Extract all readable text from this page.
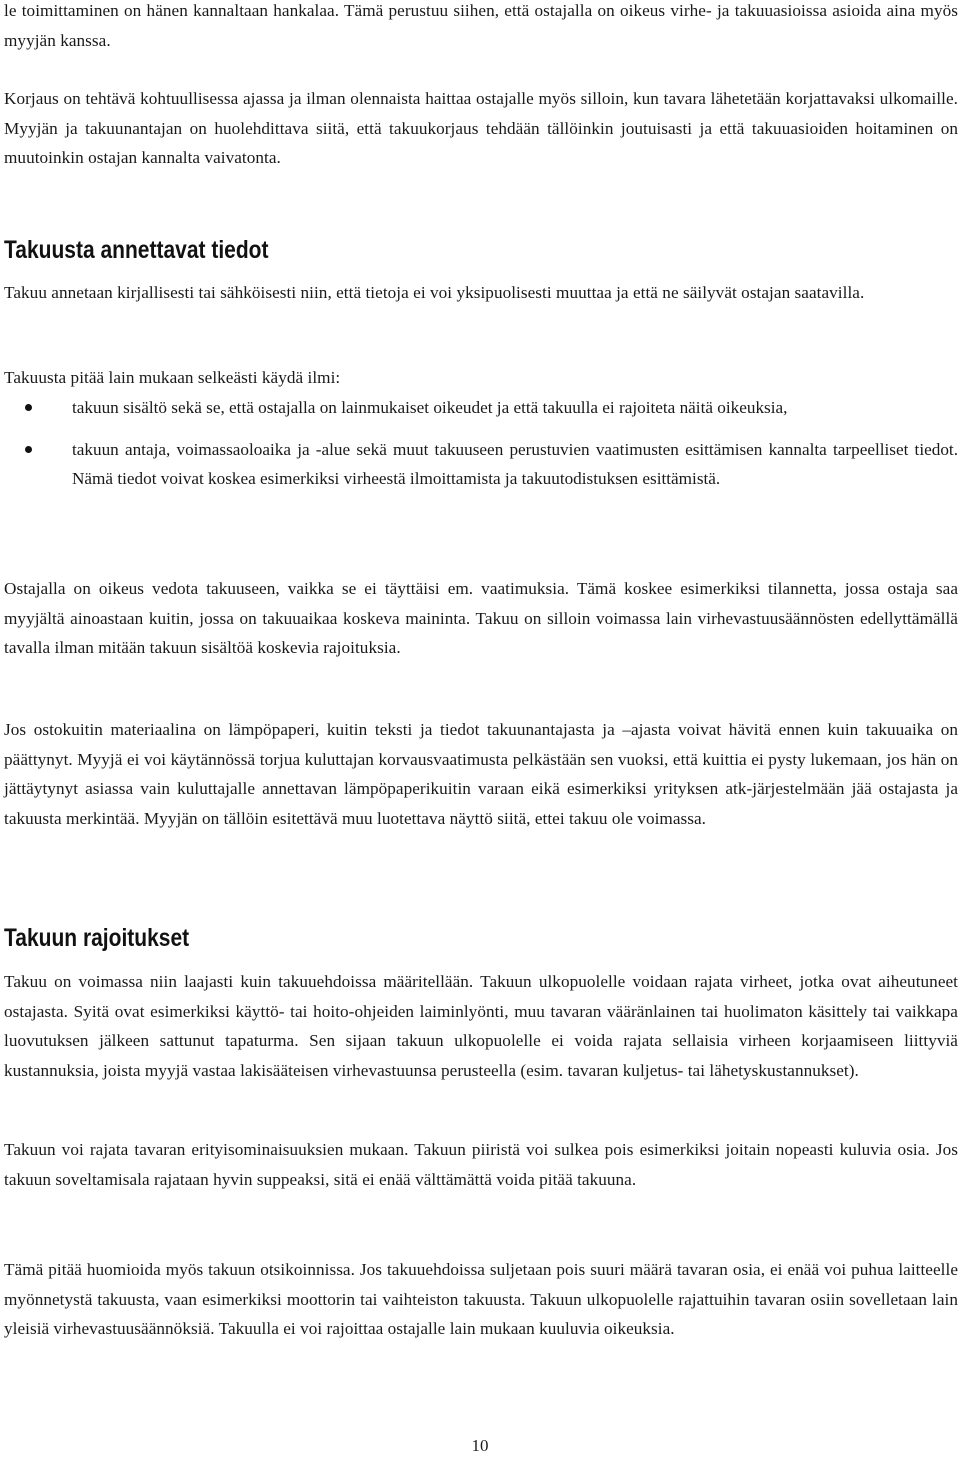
le toimittaminen on hänen kannaltaan hankalaa. Tämä perustuu siihen, että ostajalla on oikeus virhe- ja takuuasioissa asioida aina myös myyjän kanssa.

Korjaus on tehtävä kohtuullisessa ajassa ja ilman olennaista haittaa ostajalle myös silloin, kun tavara lähetetään korjattavaksi ulkomaille. Myyjän ja takuunantajan on huolehdittava siitä, että takuukorjaus tehdään tällöinkin joutuisasti ja että takuuasioiden hoitaminen on muutoinkin ostajan kannalta vaivatonta.

Takuusta annettavat tiedot

Takuu annetaan kirjallisesti tai sähköisesti niin, että tietoja ei voi yksipuolisesti muuttaa ja että ne säilyvät ostajan saatavilla.

Takuusta pitää lain mukaan selkeästi käydä ilmi:

takuun sisältö sekä se, että ostajalla on lainmukaiset oikeudet ja että takuulla ei rajoiteta näitä oikeuksia,
takuun antaja, voimassaoloaika ja -alue sekä muut takuuseen perustuvien vaatimusten esittämisen kannalta tarpeelliset tiedot. Nämä tiedot voivat koskea esimerkiksi virheestä ilmoittamista ja takuutodistuksen esittämistä.

Ostajalla on oikeus vedota takuuseen, vaikka se ei täyttäisi em. vaatimuksia. Tämä koskee esimerkiksi tilannetta, jossa ostaja saa myyjältä ainoastaan kuitin, jossa on takuuaikaa koskeva maininta. Takuu on silloin voimassa lain virhevastuusäännösten edellyttämällä tavalla ilman mitään takuun sisältöä koskevia rajoituksia.

Jos ostokuitin materiaalina on lämpöpaperi, kuitin teksti ja tiedot takuunantajasta ja –ajasta voivat hävitä ennen kuin takuuaika on päättynyt. Myyjä ei voi käytännössä torjua kuluttajan korvausvaatimusta pelkästään sen vuoksi, että kuittia ei pysty lukemaan, jos hän on jättäytynyt asiassa vain kuluttajalle annettavan lämpöpaperikuitin varaan eikä esimerkiksi yrityksen atk-järjestelmään jää ostajasta ja takuusta merkintää. Myyjän on tällöin esitettävä muu luotettava näyttö siitä, ettei takuu ole voimassa.

Takuun rajoitukset

Takuu on voimassa niin laajasti kuin takuuehdoissa määritellään. Takuun ulkopuolelle voidaan rajata virheet, jotka ovat aiheutuneet ostajasta. Syitä ovat esimerkiksi käyttö- tai hoito-ohjeiden laiminlyönti, muu tavaran vääränlainen tai huolimaton käsittely tai vaikkapa luovutuksen jälkeen sattunut tapaturma. Sen sijaan takuun ulkopuolelle ei voida rajata sellaisia virheen korjaamiseen liittyviä kustannuksia, joista myyjä vastaa lakisääteisen virhevastuunsa perusteella (esim. tavaran kuljetus- tai lähetyskustannukset).

Takuun voi rajata tavaran erityisominaisuuksien mukaan. Takuun piiristä voi sulkea pois esimerkiksi joitain nopeasti kuluvia osia. Jos takuun soveltamisala rajataan hyvin suppeaksi, sitä ei enää välttämättä voida pitää takuuna.

Tämä pitää huomioida myös takuun otsikoinnissa. Jos takuuehdoissa suljetaan pois suuri määrä tavaran osia, ei enää voi puhua laitteelle myönnetystä takuusta, vaan esimerkiksi moottorin tai vaihteiston takuusta. Takuun ulkopuolelle rajattuihin tavaran osiin sovelletaan lain yleisiä virhevastuusäännöksiä. Takuulla ei voi rajoittaa ostajalle lain mukaan kuuluvia oikeuksia.

10
